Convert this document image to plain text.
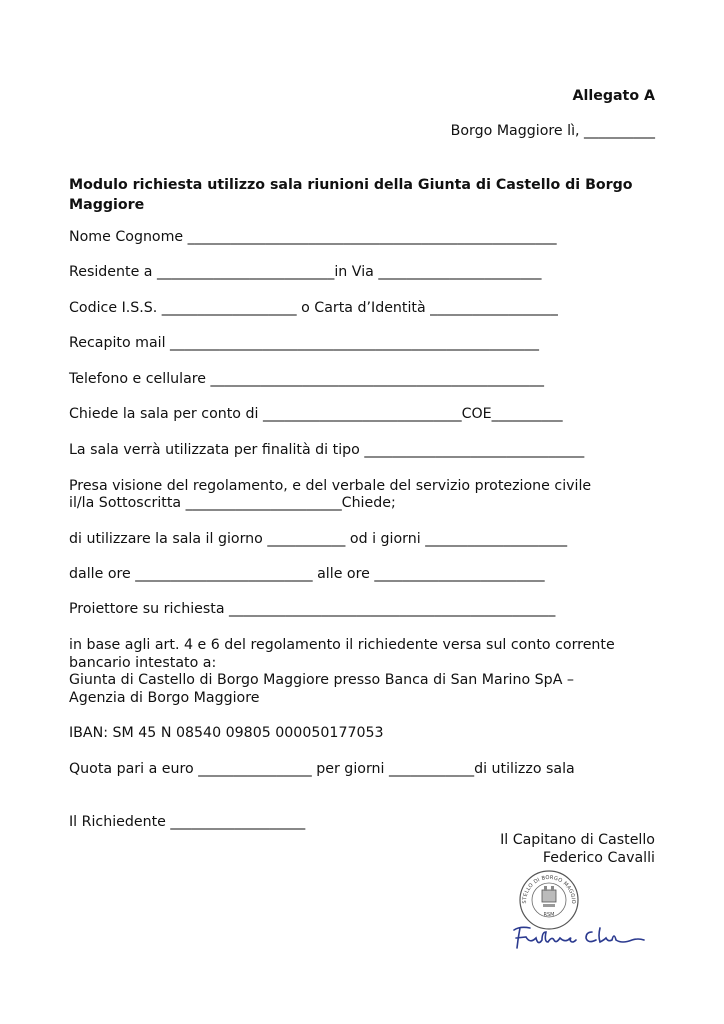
Allegato A
Borgo Maggiore lì, __________
Modulo richiesta utilizzo sala riunioni della Giunta di Castello di Borgo Maggiore
Nome Cognome ____________________________________________________
Residente a _________________________in Via _______________________
Codice I.S.S. ___________________ o Carta d’Identità __________________
Recapito mail ____________________________________________________
Telefono e cellulare _______________________________________________
Chiede la sala per conto di ____________________________COE__________
La sala verrà utilizzata per finalità di tipo _______________________________
Presa visione del regolamento, e del verbale del servizio protezione civile
il/la Sottoscritta ______________________Chiede;
di utilizzare la sala il giorno ___________ od i giorni ____________________
dalle ore _________________________ alle ore ________________________
Proiettore su richiesta ______________________________________________
in base agli art. 4 e 6 del regolamento il richiedente versa sul conto corrente
bancario intestato a:
Giunta di Castello di Borgo Maggiore presso Banca di San Marino SpA –
Agenzia di Borgo Maggiore
IBAN: SM 45 N 08540 09805 000050177053
Quota pari a euro ________________ per giorni ____________di utilizzo sala
Il Richiedente ___________________
Il Capitano di Castello
Federico Cavalli
STELLO DI BORGO MAGGIO
RSM
